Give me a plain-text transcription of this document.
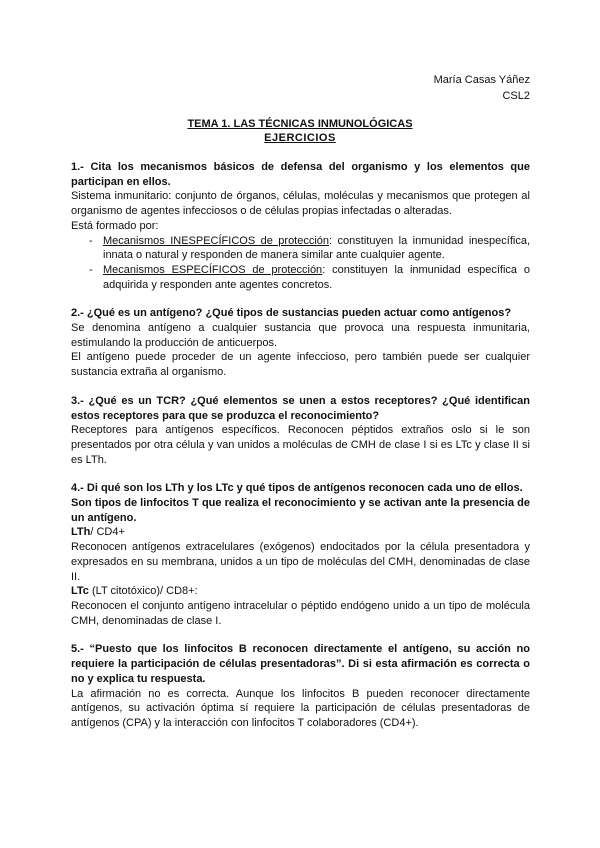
María Casas Yáñez
CSL2
TEMA 1. LAS TÉCNICAS INMUNOLÓGICAS
EJERCICIOS
1.- Cita los mecanismos básicos de defensa del organismo y los elementos que participan en ellos.
Sistema inmunitario: conjunto de órganos, células, moléculas y mecanismos que protegen al organismo de agentes infecciosos o de células propias infectadas o alteradas.
Está formado por:
- Mecanismos INESPECÍFICOS de protección: constituyen la inmunidad inespecífica, innata o natural y responden de manera similar ante cualquier agente.
- Mecanismos ESPECÍFICOS de protección: constituyen la inmunidad específica o adquirida y responden ante agentes concretos.
2.- ¿Qué es un antígeno? ¿Qué tipos de sustancias pueden actuar como antígenos?
Se denomina antígeno a cualquier sustancia que provoca una respuesta inmunitaria, estimulando la producción de anticuerpos.
El antígeno puede proceder de un agente infeccioso, pero también puede ser cualquier sustancia extraña al organismo.
3.- ¿Qué es un TCR? ¿Qué elementos se unen a estos receptores? ¿Qué identifican estos receptores para que se produzca el reconocimiento?
Receptores para antígenos específicos. Reconocen péptidos extraños oslo si le son presentados por otra célula y van unidos a moléculas de CMH de clase I si es LTc y clase II si es LTh.
4.- Di qué son los LTh y los LTc y qué tipos de antígenos reconocen cada uno de ellos.
Son tipos de linfocitos T que realiza el reconocimiento y se activan ante la presencia de un antígeno.
LTh/ CD4+
Reconocen antígenos extracelulares (exógenos) endocitados por la célula presentadora y expresados en su membrana, unidos a un tipo de moléculas del CMH, denominadas de clase II.
LTc (LT citotóxico)/ CD8+:
Reconocen el conjunto antígeno intracelular o péptido endógeno unido a un tipo de molécula CMH, denominadas de clase I.
5.- “Puesto que los linfocitos B reconocen directamente el antígeno, su acción no requiere la participación de células presentadoras”. Di si esta afirmación es correcta o no y explica tu respuesta.
La afirmación no es correcta. Aunque los linfocitos B pueden reconocer directamente antígenos, su activación óptima sí requiere la participación de células presentadoras de antígenos (CPA) y la interacción con linfocitos T colaboradores (CD4+).
